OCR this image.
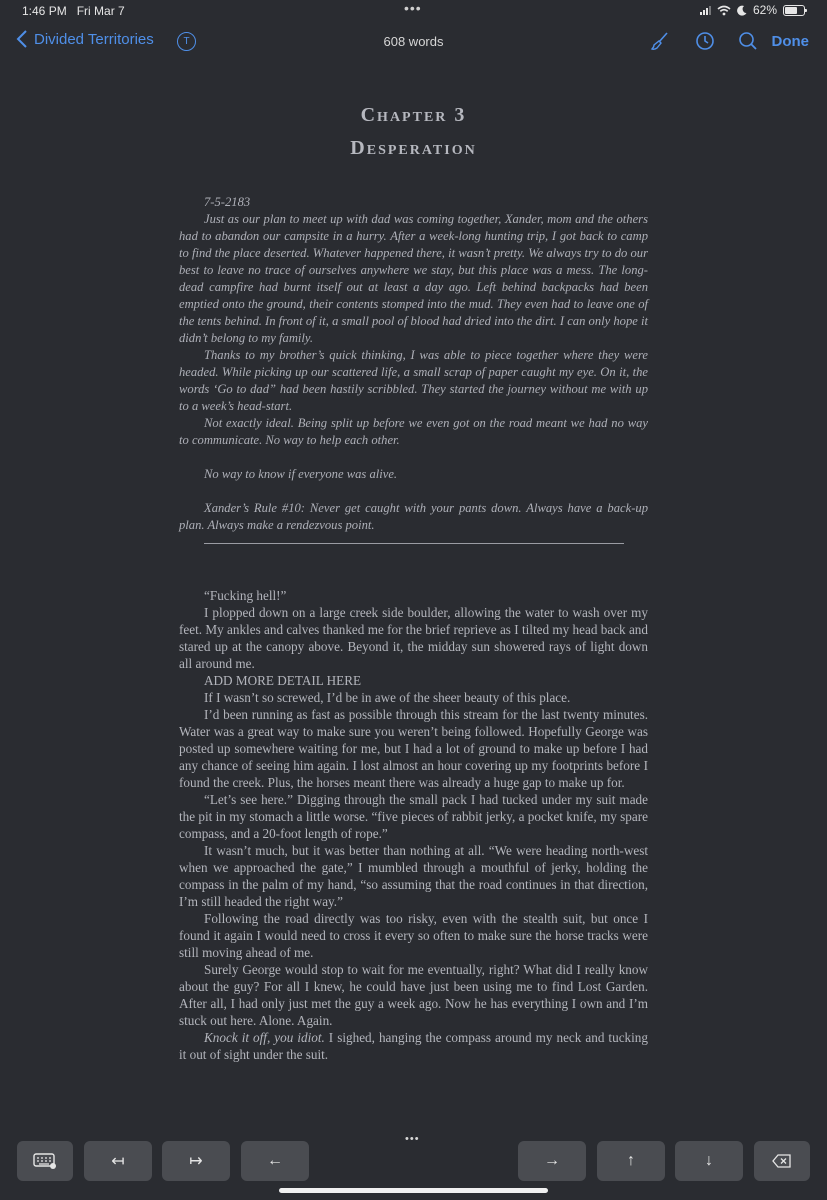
1:46 PM Fri Mar 7	•••	62%
Divided Territories	T	608 words	Done
Chapter 3
Desperation

7-5-2183

Just as our plan to meet up with dad was coming together, Xander, mom and the others had to abandon our campsite in a hurry. After a week-long hunting trip, I got back to camp to find the place deserted. Whatever happened there, it wasn’t pretty. We always try to do our best to leave no trace of ourselves anywhere we stay, but this place was a mess. The long-dead campfire had burnt itself out at least a day ago. Left behind backpacks had been emptied onto the ground, their contents stomped into the mud. They even had to leave one of the tents behind. In front of it, a small pool of blood had dried into the dirt. I can only hope it didn’t belong to my family.

Thanks to my brother’s quick thinking, I was able to piece together where they were headed. While picking up our scattered life, a small scrap of paper caught my eye. On it, the words ‘Go to dad” had been hastily scribbled. They started the journey without me with up to a week’s head-start.

Not exactly ideal. Being split up before we even got on the road meant we had no way to communicate. No way to help each other.

No way to know if everyone was alive.

Xander’s Rule #10: Never get caught with your pants down. Always have a back-up plan. Always make a rendezvous point.

“Fucking hell!”

I plopped down on a large creek side boulder, allowing the water to wash over my feet. My ankles and calves thanked me for the brief reprieve as I tilted my head back and stared up at the canopy above. Beyond it, the midday sun showered rays of light down all around me.

ADD MORE DETAIL HERE

If I wasn’t so screwed, I’d be in awe of the sheer beauty of this place.

I’d been running as fast as possible through this stream for the last twenty minutes. Water was a great way to make sure you weren’t being followed. Hopefully George was posted up somewhere waiting for me, but I had a lot of ground to make up before I had any chance of seeing him again. I lost almost an hour covering up my footprints before I found the creek. Plus, the horses meant there was already a huge gap to make up for.

“Let’s see here.” Digging through the small pack I had tucked under my suit made the pit in my stomach a little worse. “five pieces of rabbit jerky, a pocket knife, my spare compass, and a 20-foot length of rope.”

It wasn’t much, but it was better than nothing at all. “We were heading north-west when we approached the gate,” I mumbled through a mouthful of jerky, holding the compass in the palm of my hand, “so assuming that the road continues in that direction, I’m still headed the right way.”

Following the road directly was too risky, even with the stealth suit, but once I found it again I would need to cross it every so often to make sure the horse tracks were still moving ahead of me.

Surely George would stop to wait for me eventually, right? What did I really know about the guy? For all I knew, he could have just been using me to find Lost Garden. After all, I had only just met the guy a week ago. Now he has everything I own and I’m stuck out here. Alone. Again.

Knock it off, you idiot. I sighed, hanging the compass around my neck and tucking it out of sight under the suit.

•••
↤	↦	←	→	↑	↓
